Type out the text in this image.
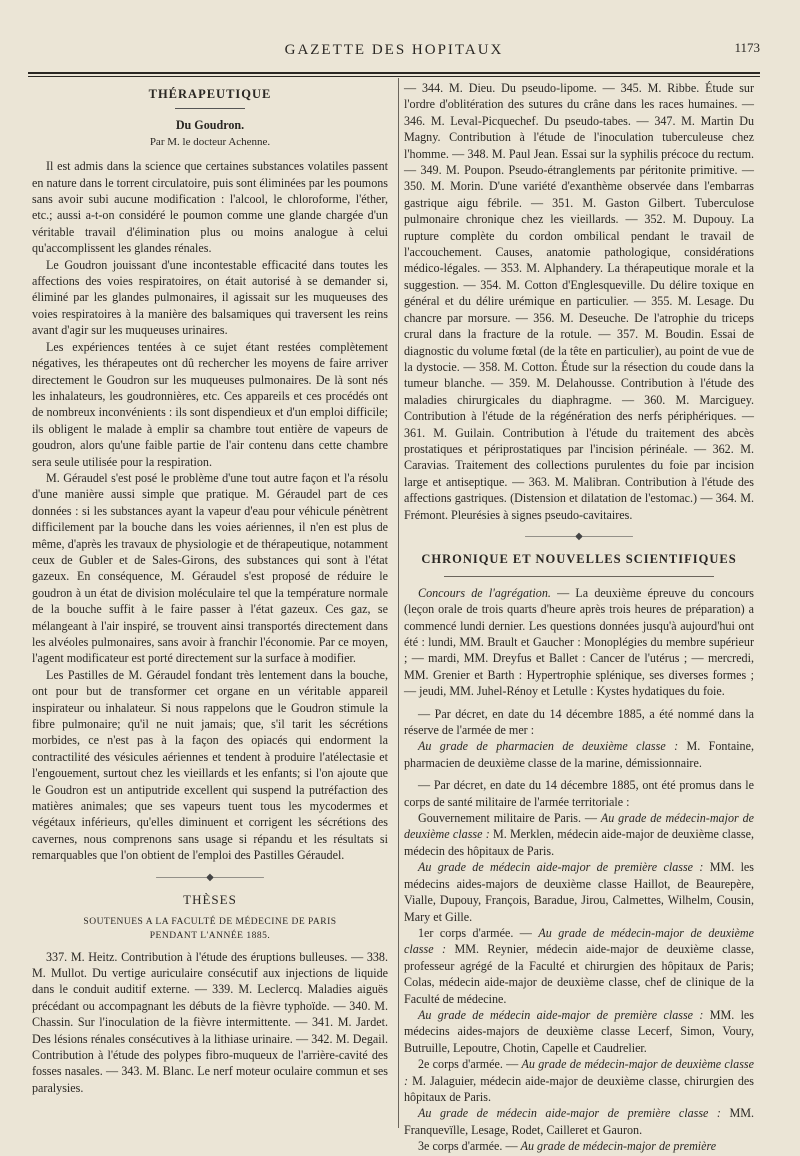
GAZETTE DES HOPITAUX	1173
THÉRAPEUTIQUE
Du Goudron.
Par M. le docteur Achenne.

Il est admis dans la science que certaines substances volatiles passent en nature dans le torrent circulatoire, puis sont éliminées par les poumons sans avoir subi aucune modification : l'alcool, le chloroforme, l'éther, etc.; aussi a-t-on considéré le poumon comme une glande chargée d'un véritable travail d'élimination plus ou moins analogue à celui qu'accomplissent les glandes rénales.

Le Goudron jouissant d'une incontestable efficacité dans toutes les affections des voies respiratoires, on était autorisé à se demander si, éliminé par les glandes pulmonaires, il agissait sur les muqueuses des voies respiratoires à la manière des balsamiques qui traversent les reins avant d'agir sur les muqueuses urinaires.

Les expériences tentées à ce sujet étant restées complètement négatives, les thérapeutes ont dû rechercher les moyens de faire arriver directement le Goudron sur les muqueuses pulmonaires. De là sont nés les inhalateurs, les goudronnières, etc. Ces appareils et ces procédés ont de nombreux inconvénients : ils sont dispendieux et d'un emploi difficile; ils obligent le malade à emplir sa chambre tout entière de vapeurs de goudron, alors qu'une faible partie de l'air contenu dans cette chambre sera seule utilisée pour la respiration.

M. Géraudel s'est posé le problème d'une tout autre façon et l'a résolu d'une manière aussi simple que pratique. M. Géraudel part de ces données : si les substances ayant la vapeur d'eau pour véhicule pénètrent difficilement par la bouche dans les voies aériennes, il n'en est plus de même, d'après les travaux de physiologie et de thérapeutique, notamment ceux de Gubler et de Sales-Girons, des substances qui sont à l'état gazeux. En conséquence, M. Géraudel s'est proposé de réduire le goudron à un état de division moléculaire tel que la température normale de la bouche suffit à le faire passer à l'état gazeux. Ces gaz, se mélangeant à l'air inspiré, se trouvent ainsi transportés directement dans les alvéoles pulmonaires, sans avoir à franchir l'économie. Par ce moyen, l'agent modificateur est porté directement sur la surface à modifier.

Les Pastilles de M. Géraudel fondant très lentement dans la bouche, ont pour but de transformer cet organe en un véritable appareil inspirateur ou inhalateur. Si nous rappelons que le Goudron stimule la fibre pulmonaire; qu'il ne nuit jamais; que, s'il tarit les sécrétions morbides, ce n'est pas à la façon des opiacés qui endorment la contractilité des vésicules aériennes et tendent à produire l'atélectasie et l'engouement, surtout chez les vieillards et les enfants; si l'on ajoute que le Goudron est un antiputride excellent qui suspend la putréfaction des matières animales; que ses vapeurs tuent tous les mycodermes et végétaux inférieurs, qu'elles diminuent et corrigent les sécrétions des cavernes, nous comprenons sans usage si répandu et les résultats si remarquables que l'on obtient de l'emploi des Pastilles Géraudel.

—————◆—————
THÈSES
SOUTENUES A LA FACULTÉ DE MÉDECINE DE PARIS
PENDANT L'ANNÉE 1885.

337. M. Heitz. Contribution à l'étude des éruptions bulleuses. — 338. M. Mullot. Du vertige auriculaire consécutif aux injections de liquide dans le conduit auditif externe. — 339. M. Leclercq. Maladies aiguës précédant ou accompagnant les débuts de la fièvre typhoïde. — 340. M. Chassin. Sur l'inoculation de la fièvre intermittente. — 341. M. Jardet. Des lésions rénales consécutives à la lithiase urinaire. — 342. M. Degail. Contribution à l'étude des polypes fibro-muqueux de l'arrière-cavité des fosses nasales. — 343. M. Blanc. Le nerf moteur oculaire commun et ses paralysies.

— 344. M. Dieu. Du pseudo-lipome. — 345. M. Ribbe. Étude sur l'ordre d'oblitération des sutures du crâne dans les races humaines. — 346. M. Leval-Picquechef. Du pseudo-tabes. — 347. M. Martin Du Magny. Contribution à l'étude de l'inoculation tuberculeuse chez l'homme. — 348. M. Paul Jean. Essai sur la syphilis précoce du rectum. — 349. M. Poupon. Pseudo-étranglements par péritonite primitive. — 350. M. Morin. D'une variété d'exanthème observée dans l'embarras gastrique aigu fébrile. — 351. M. Gaston Gilbert. Tuberculose pulmonaire chronique chez les vieillards. — 352. M. Dupouy. La rupture complète du cordon ombilical pendant le travail de l'accouchement. Causes, anatomie pathologique, considérations médico-légales. — 353. M. Alphandery. La thérapeutique morale et la suggestion. — 354. M. Cotton d'Englesqueville. Du délire toxique en général et du délire urémique en particulier. — 355. M. Lesage. Du chancre par morsure. — 356. M. Deseuche. De l'atrophie du triceps crural dans la fracture de la rotule. — 357. M. Boudin. Essai de diagnostic du volume fœtal (de la tête en particulier), au point de vue de la dystocie. — 358. M. Cotton. Étude sur la résection du coude dans la tumeur blanche. — 359. M. Delahousse. Contribution à l'étude des maladies chirurgicales du diaphragme. — 360. M. Marciguey. Contribution à l'étude de la régénération des nerfs périphériques. — 361. M. Guilain. Contribution à l'étude du traitement des abcès prostatiques et périprostatiques par l'incision périnéale. — 362. M. Caravias. Traitement des collections purulentes du foie par incision large et antiseptique. — 363. M. Malibran. Contribution à l'étude des affections gastriques. (Distension et dilatation de l'estomac.) — 364. M. Frémont. Pleurésies à signes pseudo-cavitaires.

—————◆—————
CHRONIQUE ET NOUVELLES SCIENTIFIQUES

Concours de l'agrégation. — La deuxième épreuve du concours (leçon orale de trois quarts d'heure après trois heures de préparation) a commencé lundi dernier. Les questions données jusqu'à aujourd'hui ont été : lundi, MM. Brault et Gaucher : Monoplégies du membre supérieur ; — mardi, MM. Dreyfus et Ballet : Cancer de l'utérus ; — mercredi, MM. Grenier et Barth : Hypertrophie splénique, ses diverses formes ; — jeudi, MM. Juhel-Rénoy et Letulle : Kystes hydatiques du foie.

— Par décret, en date du 14 décembre 1885, a été nommé dans la réserve de l'armée de mer :

Au grade de pharmacien de deuxième classe : M. Fontaine, pharmacien de deuxième classe de la marine, démissionnaire.

— Par décret, en date du 14 décembre 1885, ont été promus dans le corps de santé militaire de l'armée territoriale :

Gouvernement militaire de Paris. — Au grade de médecin-major de deuxième classe : M. Merklen, médecin aide-major de deuxième classe, médecin des hôpitaux de Paris.

Au grade de médecin aide-major de première classe : MM. les médecins aides-majors de deuxième classe Haillot, de Beaurepère, Vialle, Dupouy, François, Baradue, Jirou, Calmettes, Wilhelm, Cousin, Mary et Gille.

1er corps d'armée. — Au grade de médecin-major de deuxième classe : MM. Reynier, médecin aide-major de deuxième classe, professeur agrégé de la Faculté et chirurgien des hôpitaux de Paris; Colas, médecin aide-major de deuxième classe, chef de clinique de la Faculté de médecine.

Au grade de médecin aide-major de première classe : MM. les médecins aides-majors de deuxième classe Lecerf, Simon, Voury, Butruille, Lepoutre, Chotin, Capelle et Caudrelier.

2e corps d'armée. — Au grade de médecin-major de deuxième classe : M. Jalaguier, médecin aide-major de deuxième classe, chirurgien des hôpitaux de Paris.

Au grade de médecin aide-major de première classe : MM. Franquevïlle, Lesage, Rodet, Cailleret et Gauron.

3e corps d'armée. — Au grade de médecin-major de première
